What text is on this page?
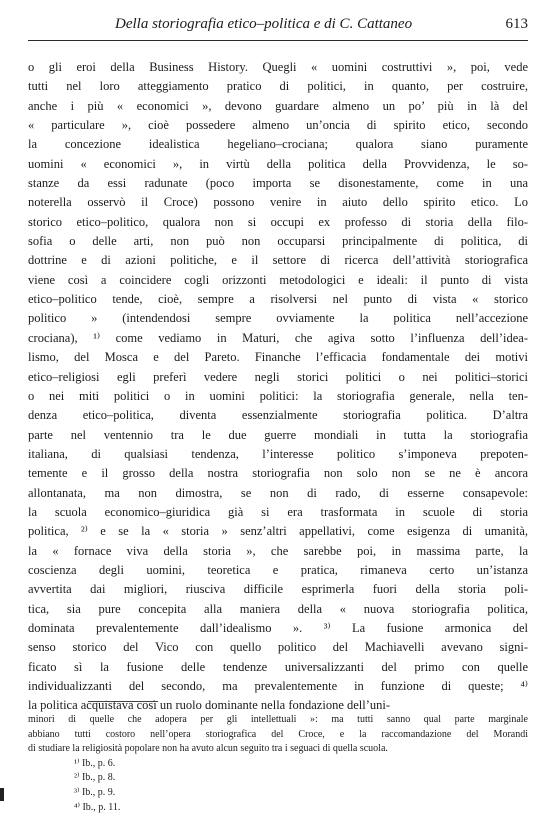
Della storiografia etico–politica e di C. Cattaneo	613
o gli eroi della Business History. Quegli « uomini costruttivi », poi, vede
tutti nel loro atteggiamento pratico di politici, in quanto, per costruire,
anche i più « economici », devono guardare almeno un po’ più in là del
« particulare », cioè possedere almeno un’oncia di spirito etico, secondo
la concezione idealistica hegeliano–crociana; qualora siano puramente
uomini « economici », in virtù della politica della Provvidenza, le so-
stanze da essi radunate (poco importa se disonestamente, come in una
noterella osservò il Croce) possono venire in aiuto dello spirito etico. Lo
storico etico–politico, qualora non si occupi ex professo di storia della filo-
sofia o delle arti, non può non occuparsi principalmente di politica, di
dottrine e di azioni politiche, e il settore di ricerca dell’attività storiografica
viene così a coincidere cogli orizzonti metodologici e ideali: il punto di vista
etico–politico tende, cioè, sempre a risolversi nel punto di vista « storico
politico » (intendendosi sempre ovviamente la politica nell’accezione
crociana), ¹⁾ come vediamo in Maturi, che agiva sotto l’influenza dell’idea-
lismo, del Mosca e del Pareto. Finanche l’efficacia fondamentale dei motivi
etico–religiosi egli preferì vedere negli storici politici o nei politici–storici
o nei miti politici o in uomini politici: la storiografia generale, nella ten-
denza etico–politica, diventa essenzialmente storiografia politica. D’altra
parte nel ventennio tra le due guerre mondiali in tutta la storiografia
italiana, di qualsiasi tendenza, l’interesse politico s’imponeva prepoten-
temente e il grosso della nostra storiografia non solo non se ne è ancora
allontanata, ma non dimostra, se non di rado, di esserne consapevole:
la scuola economico–giuridica già si era trasformata in scuole di storia
politica, ²⁾ e se la « storia » senz’altri appellativi, come esigenza di umanità,
la « fornace viva della storia », che sarebbe poi, in massima parte, la
coscienza degli uomini, teoretica e pratica, rimaneva certo un’istanza
avvertita dai migliori, riusciva difficile esprimerla fuori della storia poli-
tica, sia pure concepita alla maniera della « nuova storiografia politica,
dominata prevalentemente dall’idealismo ». ³⁾ La fusione armonica del
senso storico del Vico con quello politico del Machiavelli avevano signi-
ficato sì la fusione delle tendenze universalizzanti del primo con quelle
individualizzanti del secondo, ma prevalentemente in funzione di queste; ⁴⁾
la politica acquistava così un ruolo dominante nella fondazione dell’uni-
minori di quelle che adopera per gli intellettuali »: ma tutti sanno qual parte marginale
abbiano tutti costoro nell’opera storiografica del Croce, e la raccomandazione del Morandi
di studiare la religiosità popolare non ha avuto alcun seguito tra i seguaci di quella scuola.
¹⁾ Ib., p. 6.
²⁾ Ib., p. 8.
³⁾ Ib., p. 9.
⁴⁾ Ib., p. 11.
